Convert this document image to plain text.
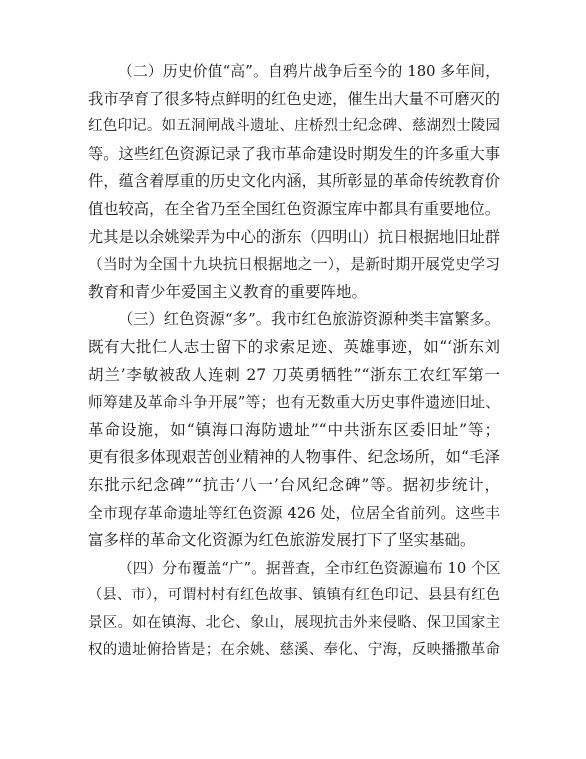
（二）历史价值“高”。自鸦片战争后至今的 180 多年间，
我市孕育了很多特点鲜明的红色史迹，催生出大量不可磨灭的
红色印记。如五洞闸战斗遗址、庄桥烈士纪念碑、慈湖烈士陵园
等。这些红色资源记录了我市革命建设时期发生的许多重大事
件，蕴含着厚重的历史文化内涵，其所彰显的革命传统教育价
值也较高，在全省乃至全国红色资源宝库中都具有重要地位。
尤其是以余姚梁弄为中心的浙东（四明山）抗日根据地旧址群
（当时为全国十九块抗日根据地之一），是新时期开展党史学习
教育和青少年爱国主义教育的重要阵地。
（三）红色资源“多”。我市红色旅游资源种类丰富繁多。
既有大批仁人志士留下的求索足迹、英雄事迹，如“‘浙东刘
胡兰’李敏被敌人连刺 27 刀英勇牺牲”“浙东工农红军第一
师筹建及革命斗争开展”等；也有无数重大历史事件遗迹旧址、
革命设施，如“镇海口海防遗址”“中共浙东区委旧址”等；
更有很多体现艰苦创业精神的人物事件、纪念场所，如“毛泽
东批示纪念碑”“抗击‘八一’台风纪念碑”等。据初步统计，
全市现存革命遗址等红色资源 426 处，位居全省前列。这些丰
富多样的革命文化资源为红色旅游发展打下了坚实基础。
（四）分布覆盖“广”。据普查，全市红色资源遍布 10 个区
（县、市），可谓村村有红色故事、镇镇有红色印记、县县有红色
景区。如在镇海、北仑、象山，展现抗击外来侵略、保卫国家主
权的遗址俯拾皆是；在余姚、慈溪、奉化、宁海，反映播撒革命
